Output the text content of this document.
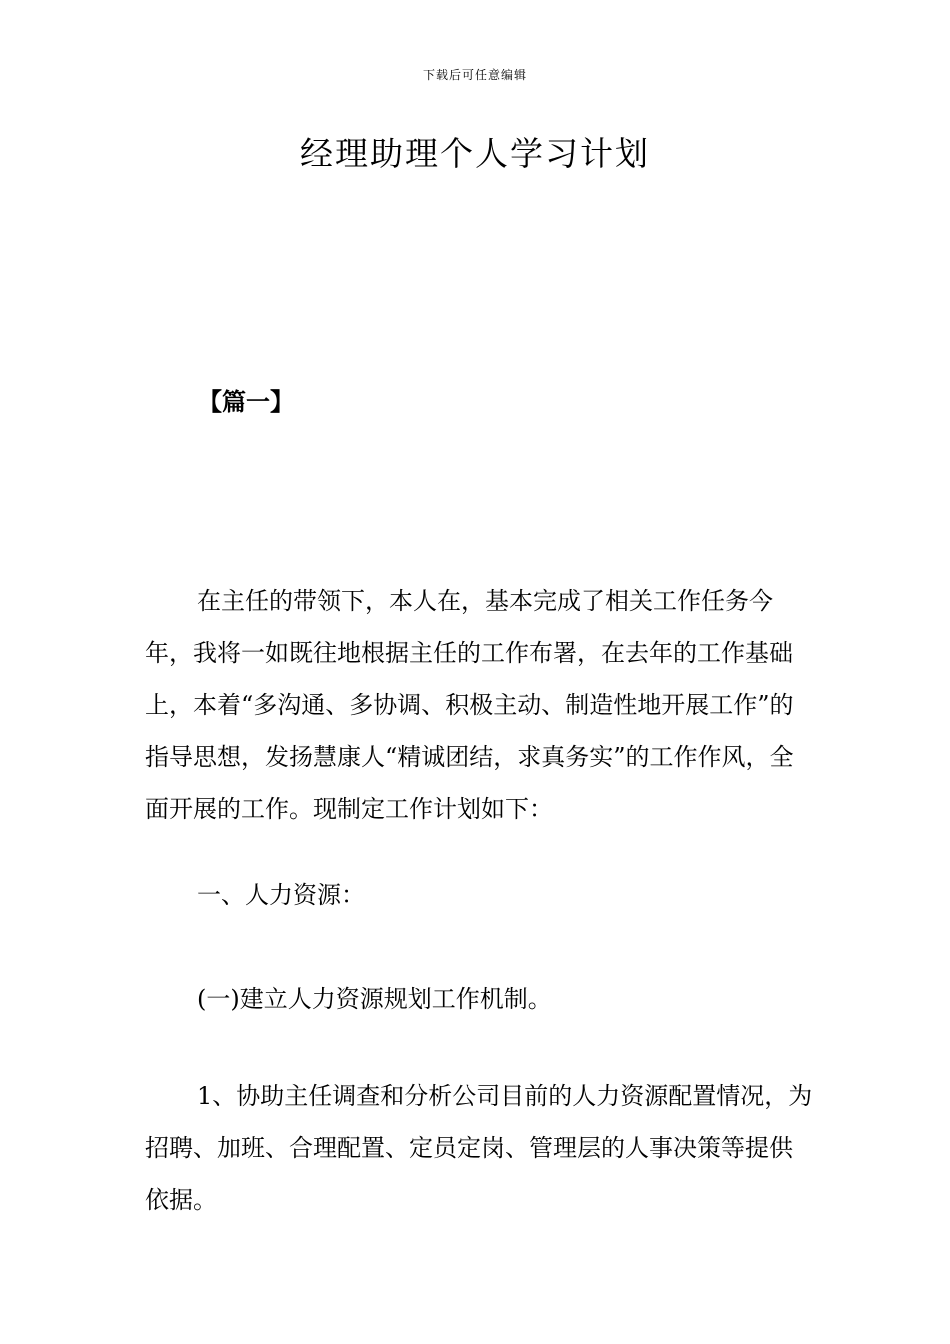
下载后可任意编辑
经理助理个人学习计划
【篇一】

在主任的带领下，本人在，基本完成了相关工作任务今年，我将一如既往地根据主任的工作布署，在去年的工作基础上，本着“多沟通、多协调、积极主动、制造性地开展工作”的指导思想，发扬慧康人“精诚团结，求真务实”的工作作风，全面开展的工作。现制定工作计划如下：

一、人力资源：

(一)建立人力资源规划工作机制。

1、协助主任调查和分析公司目前的人力资源配置情况，为招聘、加班、合理配置、定员定岗、管理层的人事决策等提供依据。
